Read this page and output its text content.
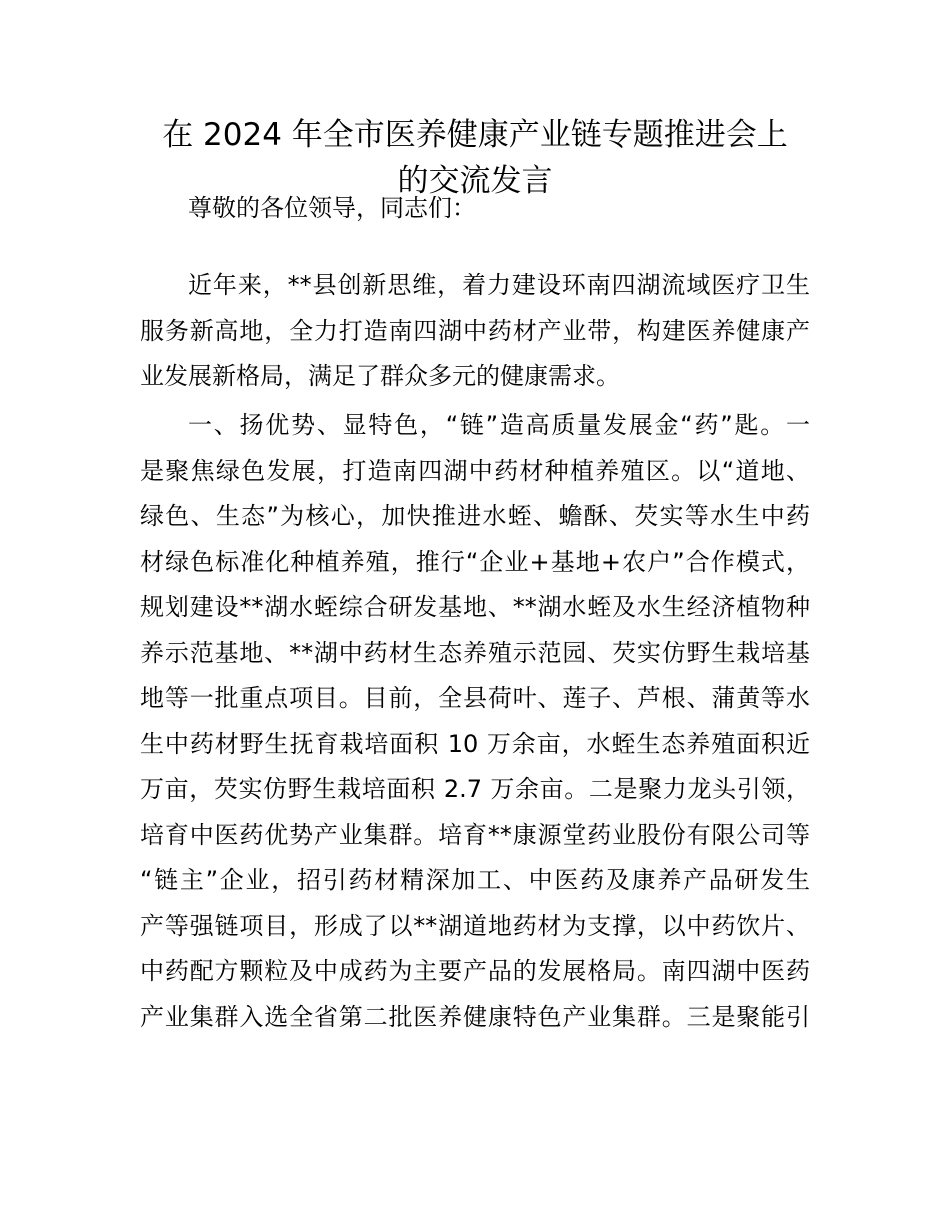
在 2024 年全市医养健康产业链专题推进会上
的交流发言
尊敬的各位领导，同志们：
近年来，**县创新思维，着力建设环南四湖流域医疗卫生
服务新高地，全力打造南四湖中药材产业带，构建医养健康产
业发展新格局，满足了群众多元的健康需求。
一、扬优势、显特色，“链”造高质量发展金“药”匙。一
是聚焦绿色发展，打造南四湖中药材种植养殖区。以“道地、
绿色、生态”为核心，加快推进水蛭、蟾酥、芡实等水生中药
材绿色标准化种植养殖，推行“企业+基地+农户”合作模式，
规划建设**湖水蛭综合研发基地、**湖水蛭及水生经济植物种
养示范基地、**湖中药材生态养殖示范园、芡实仿野生栽培基
地等一批重点项目。目前，全县荷叶、莲子、芦根、蒲黄等水
生中药材野生抚育栽培面积 10 万余亩，水蛭生态养殖面积近
万亩，芡实仿野生栽培面积 2.7 万余亩。二是聚力龙头引领，
培育中医药优势产业集群。培育**康源堂药业股份有限公司等
“链主”企业，招引药材精深加工、中医药及康养产品研发生
产等强链项目，形成了以**湖道地药材为支撑，以中药饮片、
中药配方颗粒及中成药为主要产品的发展格局。南四湖中医药
产业集群入选全省第二批医养健康特色产业集群。三是聚能引
